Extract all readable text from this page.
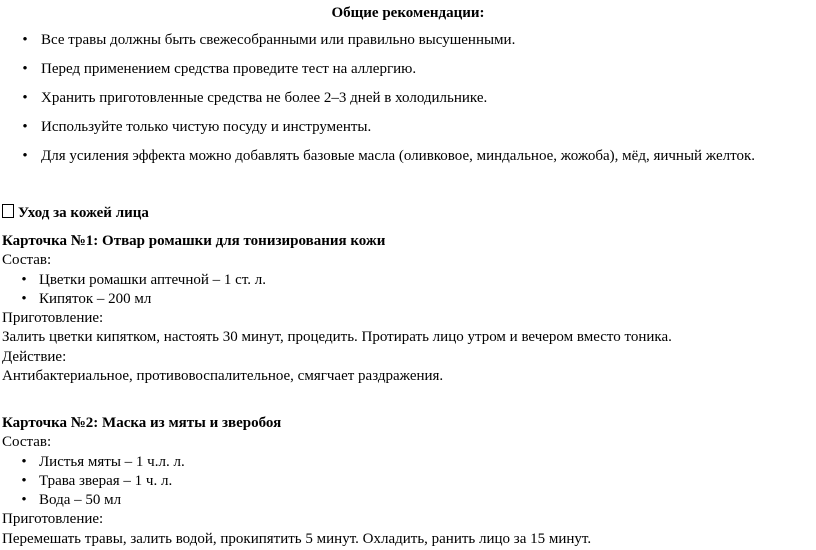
Общие рекомендации:
• Все травы должны быть свежесобранными или правильно высушенными.
• Перед применением средства проведите тест на аллергию.
• Хранить приготовленные средства не более 2–3 дней в холодильнике.
• Используйте только чистую посуду и инструменты.
• Для усиления эффекта можно добавлять базовые масла (оливковое, миндальное, жожоба), мёд, яичный желток.
Уход за кожей лица
Карточка №1: Отвар ромашки для тонизирования кожи
Состав:
• Цветки ромашки аптечной – 1 ст. л.
• Кипяток – 200 мл
Приготовление:
Залить цветки кипятком, настоять 30 минут, процедить. Протирать лицо утром и вечером вместо тоника.
Действие:
Антибактериальное, противовоспалительное, смягчает раздражения.
Карточка №2: Маска из мяты и зверобоя
Состав:
• Листья мяты – 1 ч.л. л.
• Трава зверая – 1 ч. л.
• Вода – 50 мл
Приготовление:
Перемешать травы, залить водой, прокипятить 5 минут. Охладить, ранить лицо за 15 минут.
